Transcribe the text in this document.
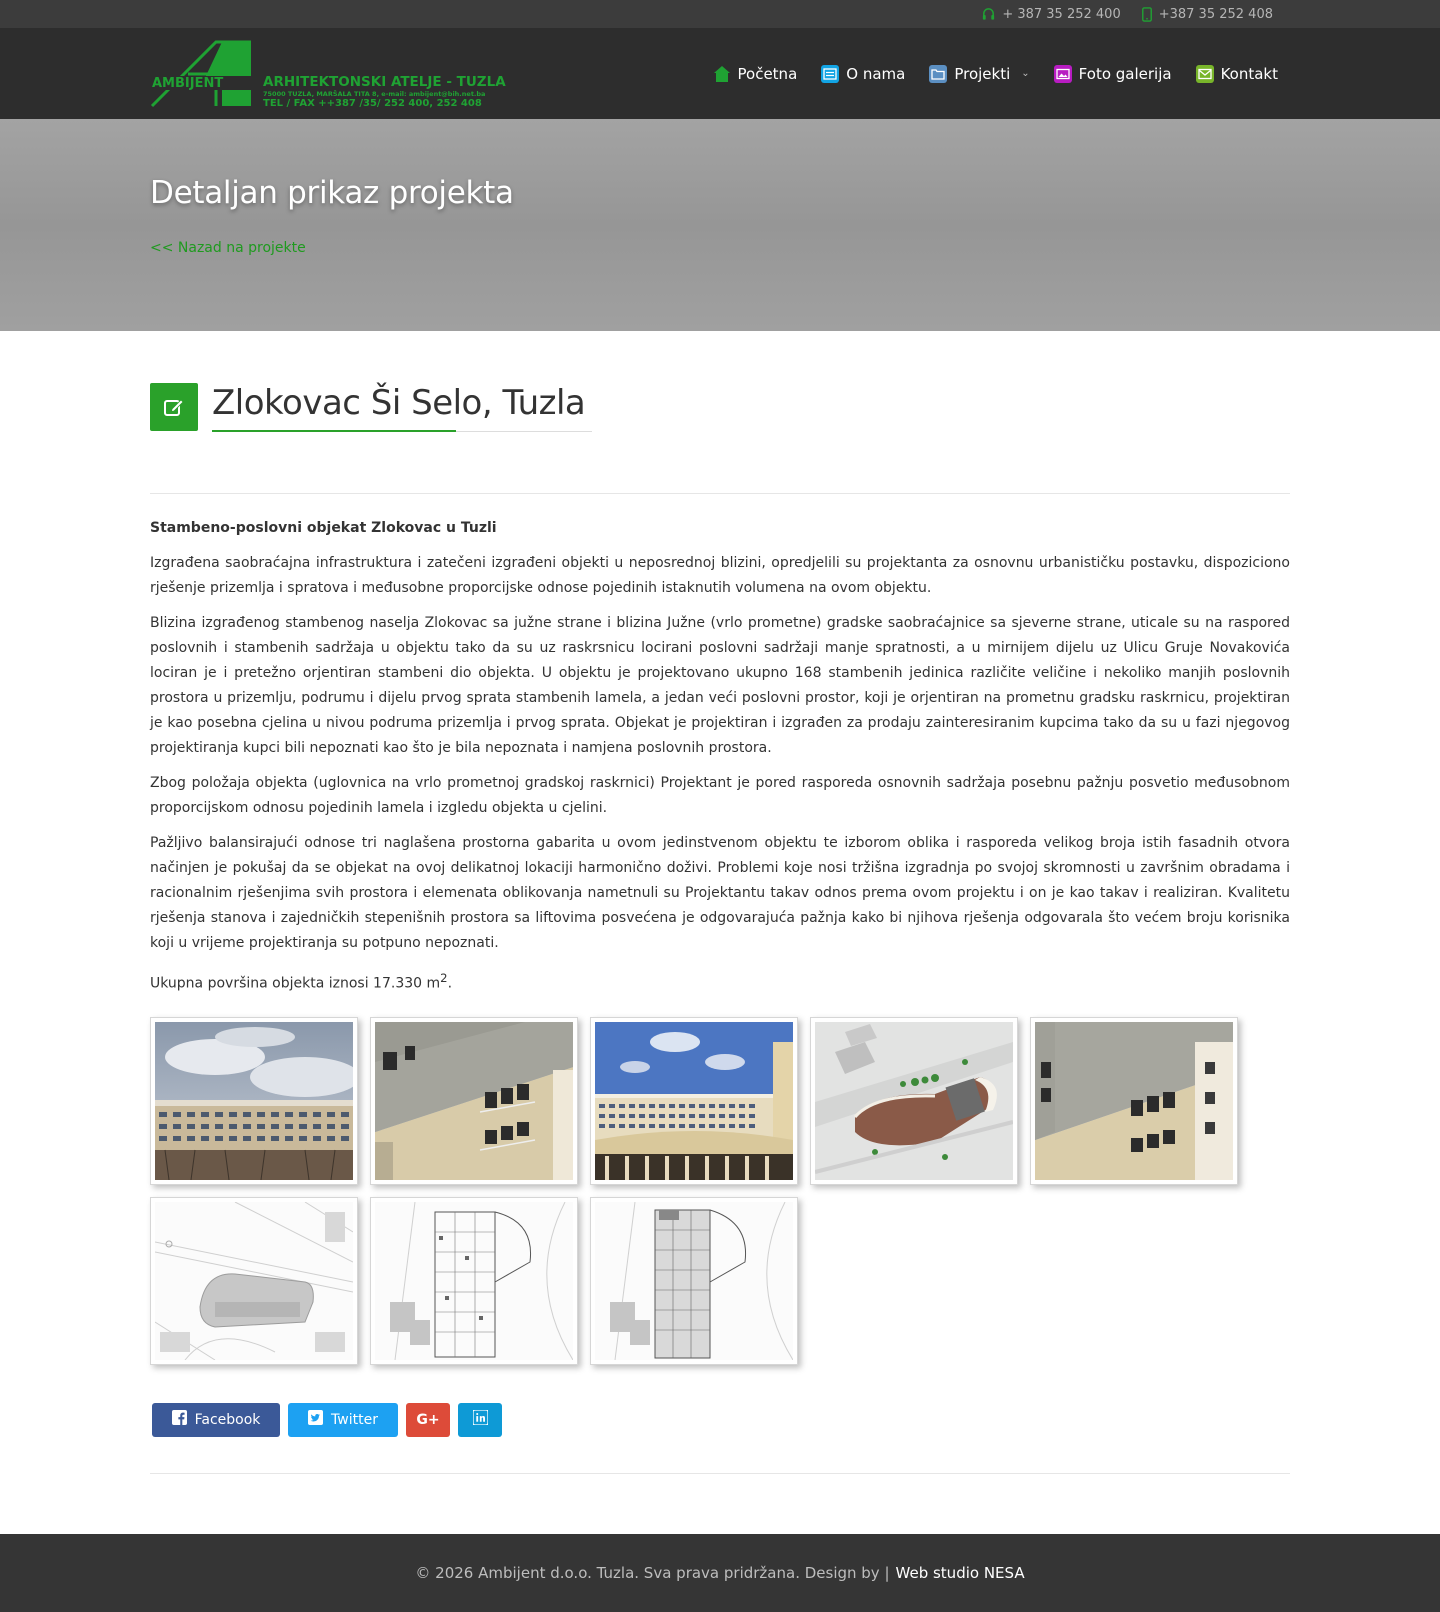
+ 387 35 252 400	+387 35 252 408
AMBIJENT	ARHITEKTONSKI ATELJE - TUZLA
75000 TUZLA, MARŠALA TITA 8, e-mail: ambijent@bih.net.ba
TEL / FAX ++387 /35/ 252 400, 252 408
Početna	O nama	Projekti ⌄	Foto galerija	Kontakt
Detaljan prikaz projekta
<< Nazad na projekte
Zlokovac Ši Selo, Tuzla
Stambeno-poslovni objekat Zlokovac u Tuzli

Izgrađena saobraćajna infrastruktura i zatečeni izgrađeni objekti u neposrednoj blizini, opredjelili su projektanta za osnovnu urbanističku postavku, dispoziciono rješenje prizemlja i spratova i međusobne proporcijske odnose pojedinih istaknutih volumena na ovom objektu.

Blizina izgrađenog stambenog naselja Zlokovac sa južne strane i blizina Južne (vrlo prometne) gradske saobraćajnice sa sjeverne strane, uticale su na raspored poslovnih i stambenih sadržaja u objektu tako da su uz raskrsnicu locirani poslovni sadržaji manje spratnosti, a u mirnijem dijelu uz Ulicu Gruje Novakovića lociran je i pretežno orjentiran stambeni dio objekta. U objektu je projektovano ukupno 168 stambenih jedinica različite veličine i nekoliko manjih poslovnih prostora u prizemlju, podrumu i dijelu prvog sprata stambenih lamela, a jedan veći poslovni prostor, koji je orjentiran na prometnu gradsku raskrnicu, projektiran je kao posebna cjelina u nivou podruma prizemlja i prvog sprata. Objekat je projektiran i izgrađen za prodaju zainteresiranim kupcima tako da su u fazi njegovog projektiranja kupci bili nepoznati kao što je bila nepoznata i namjena poslovnih prostora.

Zbog položaja objekta (uglovnica na vrlo prometnoj gradskoj raskrnici) Projektant je pored rasporeda osnovnih sadržaja posebnu pažnju posvetio međusobnom proporcijskom odnosu pojedinih lamela i izgledu objekta u cjelini.

Pažljivo balansirajući odnose tri naglašena prostorna gabarita u ovom jedinstvenom objektu te izborom oblika i rasporeda velikog broja istih fasadnih otvora načinjen je pokušaj da se objekat na ovoj delikatnoj lokaciji harmonično doživi. Problemi koje nosi tržišna izgradnja po svojoj skromnosti u završnim obradama i racionalnim rješenjima svih prostora i elemenata oblikovanja nametnuli su Projektantu takav odnos prema ovom projektu i on je kao takav i realiziran. Kvalitetu rješenja stanova i zajedničkih stepenišnih prostora sa liftovima posvećena je odgovarajuća pažnja kako bi njihova rješenja odgovarala što većem broju korisnika koji u vrijeme projektiranja su potpuno nepoznati.

Ukupna površina objekta iznosi 17.330 $m^2$.

Facebook	Twitter	G+
© 2026 Ambijent d.o.o. Tuzla. Sva prava pridržana. Design by | Web studio NESA
